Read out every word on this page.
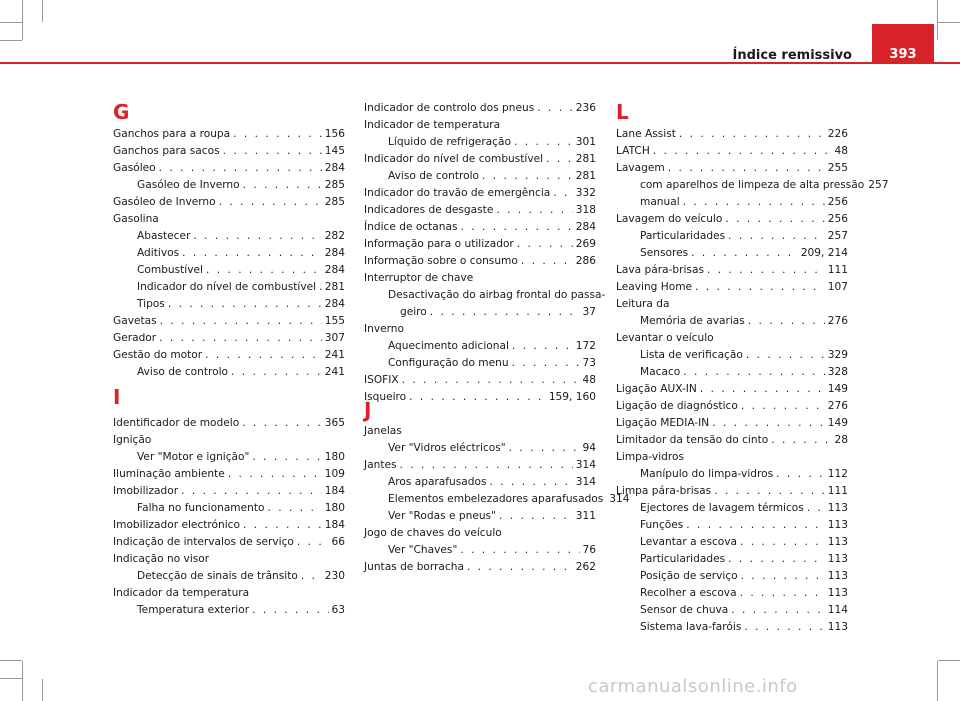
Índice remissivo	393
G
Ganchos para a roupa . . .	156
Ganchos para sacos . . .	145
Gasóleo . . .	284
Gasóleo de Inverno . . .	285
Gasóleo de Inverno . . .	285
Gasolina
Abastecer . . .	282
Aditivos . . .	284
Combustível . . .	284
Indicador do nível de combustível . . . 281
Tipos . . .	284
Gavetas . . .	155
Gerador . . .	307
Gestão do motor . . .	241
Aviso de controlo . . .	241
I
Identificador de modelo . . .	365
Ignição
Ver "Motor e ignição" . . .	180
Iluminação ambiente . . .	109
Imobilizador . . .	184
Falha no funcionamento . . .	180
Imobilizador electrónico . . .	184
Indicação de intervalos de serviço . . .	66
Indicação no visor
Detecção de sinais de trânsito . . .	230
Indicador da temperatura
Temperatura exterior . . .	63
Indicador de controlo dos pneus . . .	236
Indicador de temperatura
Líquido de refrigeração . . .	301
Indicador do nível de combustível . . .	281
Aviso de controlo . . .	281
Indicador do travão de emergência . . . 332
Indicadores de desgaste . . .	318
Índice de octanas . . .	284
Informação para o utilizador . . .	269
Informação sobre o consumo . . .	286
Interruptor de chave
Desactivação do airbag frontal do passa-
geiro . . .	37
Inverno
Aquecimento adicional . . .	172
Configuração do menu . . .	73
ISOFIX . . .	48
Isqueiro . . .	159, 160
J
Janelas
Ver "Vidros eléctricos" . . .	94
Jantes . . .	314
Aros aparafusados . . .	314
Elementos embelezadores aparafusados 314
Ver "Rodas e pneus" . . .	311
Jogo de chaves do veículo
Ver "Chaves" . . .	76
Juntas de borracha . . .	262
L
Lane Assist . . .	226
LATCH . . .	48
Lavagem . . .	255
com aparelhos de limpeza de alta pressão 257
manual . . .	256
Lavagem do veículo . . .	256
Particularidades . . .	257
Sensores . . .	209, 214
Lava pára-brisas . . .	111
Leaving Home . . .	107
Leitura da
Memória de avarias . . .	276
Levantar o veículo
Lista de verificação . . .	329
Macaco . . .	328
Ligação AUX-IN . . .	149
Ligação de diagnóstico . . .	276
Ligação MEDIA-IN . . .	149
Limitador da tensão do cinto . . .	28
Limpa-vidros
Manípulo do limpa-vidros . . .	112
Limpa pára-brisas . . .	111
Ejectores de lavagem térmicos . . . 113
Funções . . .	113
Levantar a escova . . .	113
Particularidades . . .	113
Posição de serviço . . .	113
Recolher a escova . . .	113
Sensor de chuva . . .	114
Sistema lava-faróis . . .	113
carmanualsonline.info
